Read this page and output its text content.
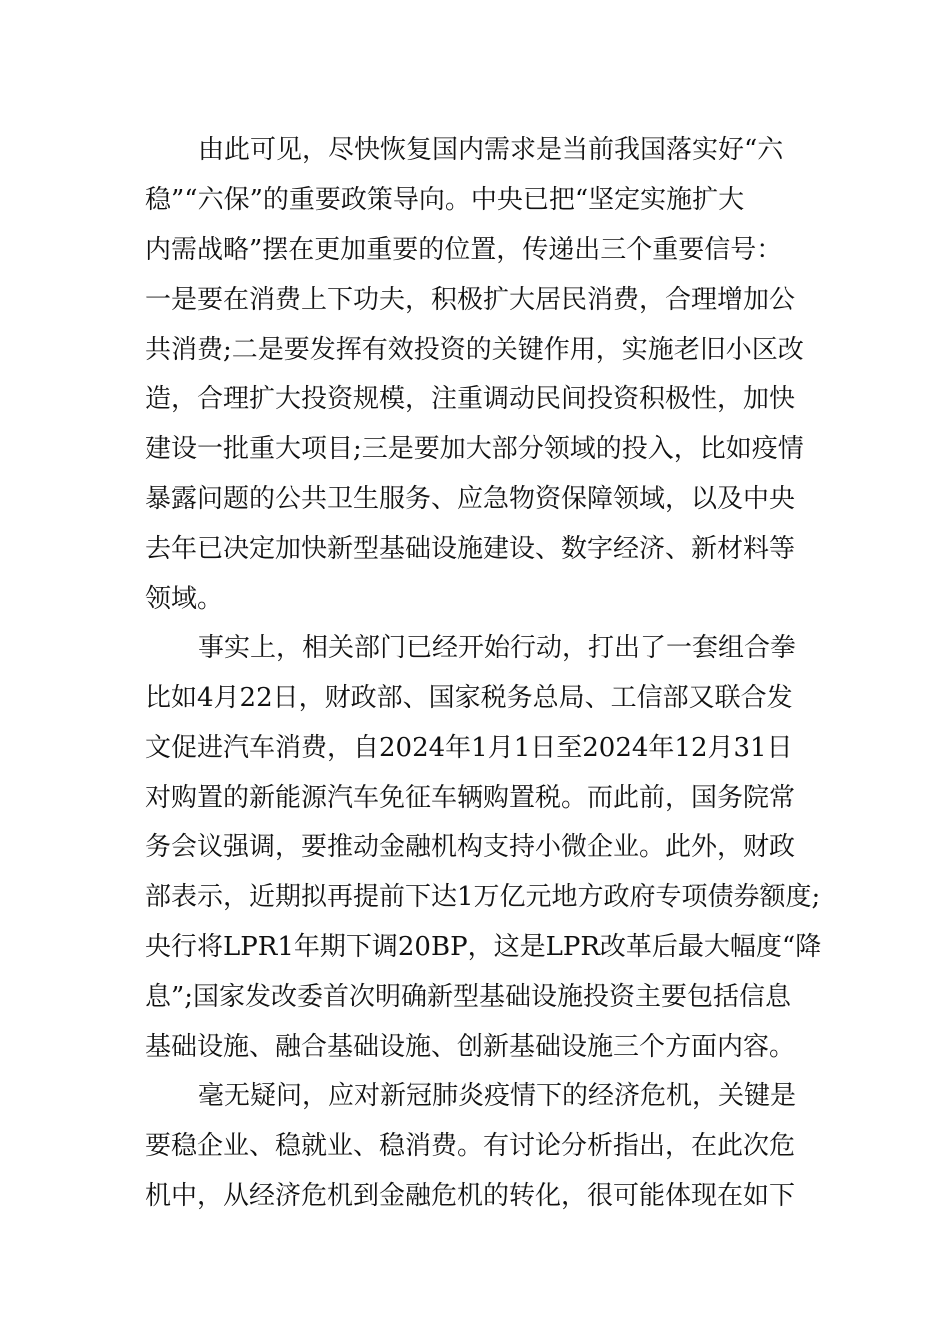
由此可见，尽快恢复国内需求是当前我国落实好“六
稳”“六保”的重要政策导向。中央已把“坚定实施扩大
内需战略”摆在更加重要的位置，传递出三个重要信号：
一是要在消费上下功夫，积极扩大居民消费，合理增加公
共消费;二是要发挥有效投资的关键作用，实施老旧小区改
造，合理扩大投资规模，注重调动民间投资积极性，加快
建设一批重大项目;三是要加大部分领域的投入，比如疫情
暴露问题的公共卫生服务、应急物资保障领域，以及中央
去年已决定加快新型基础设施建设、数字经济、新材料等
领域。
事实上，相关部门已经开始行动，打出了一套组合拳
比如4月22日，财政部、国家税务总局、工信部又联合发
文促进汽车消费，自2024年1月1日至2024年12月31日
对购置的新能源汽车免征车辆购置税。而此前，国务院常
务会议强调，要推动金融机构支持小微企业。此外，财政
部表示，近期拟再提前下达1万亿元地方政府专项债券额度;
央行将LPR1年期下调20BP，这是LPR改革后最大幅度“降
息”;国家发改委首次明确新型基础设施投资主要包括信息
基础设施、融合基础设施、创新基础设施三个方面内容。
毫无疑问，应对新冠肺炎疫情下的经济危机，关键是
要稳企业、稳就业、稳消费。有讨论分析指出，在此次危
机中，从经济危机到金融危机的转化，很可能体现在如下
